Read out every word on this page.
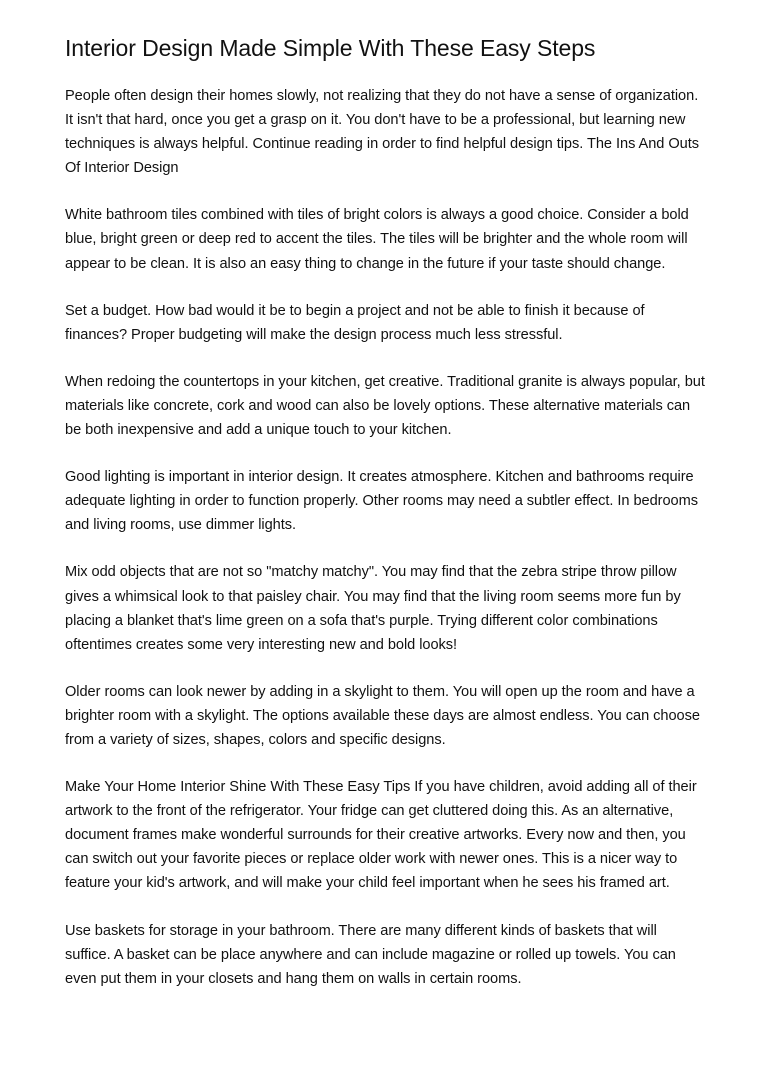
Interior Design Made Simple With These Easy Steps

People often design their homes slowly, not realizing that they do not have a sense of organization. It isn't that hard, once you get a grasp on it. You don't have to be a professional, but learning new techniques is always helpful. Continue reading in order to find helpful design tips. The Ins And Outs Of Interior Design

White bathroom tiles combined with tiles of bright colors is always a good choice. Consider a bold blue, bright green or deep red to accent the tiles. The tiles will be brighter and the whole room will appear to be clean. It is also an easy thing to change in the future if your taste should change.

Set a budget. How bad would it be to begin a project and not be able to finish it because of finances? Proper budgeting will make the design process much less stressful.

When redoing the countertops in your kitchen, get creative. Traditional granite is always popular, but materials like concrete, cork and wood can also be lovely options. These alternative materials can be both inexpensive and add a unique touch to your kitchen.

Good lighting is important in interior design. It creates atmosphere. Kitchen and bathrooms require adequate lighting in order to function properly. Other rooms may need a subtler effect. In bedrooms and living rooms, use dimmer lights.

Mix odd objects that are not so "matchy matchy". You may find that the zebra stripe throw pillow gives a whimsical look to that paisley chair. You may find that the living room seems more fun by placing a blanket that's lime green on a sofa that's purple. Trying different color combinations oftentimes creates some very interesting new and bold looks!

Older rooms can look newer by adding in a skylight to them. You will open up the room and have a brighter room with a skylight. The options available these days are almost endless. You can choose from a variety of sizes, shapes, colors and specific designs.

Make Your Home Interior Shine With These Easy Tips If you have children, avoid adding all of their artwork to the front of the refrigerator. Your fridge can get cluttered doing this. As an alternative, document frames make wonderful surrounds for their creative artworks. Every now and then, you can switch out your favorite pieces or replace older work with newer ones. This is a nicer way to feature your kid's artwork, and will make your child feel important when he sees his framed art.

Use baskets for storage in your bathroom. There are many different kinds of baskets that will suffice. A basket can be place anywhere and can include magazine or rolled up towels. You can even put them in your closets and hang them on walls in certain rooms.
